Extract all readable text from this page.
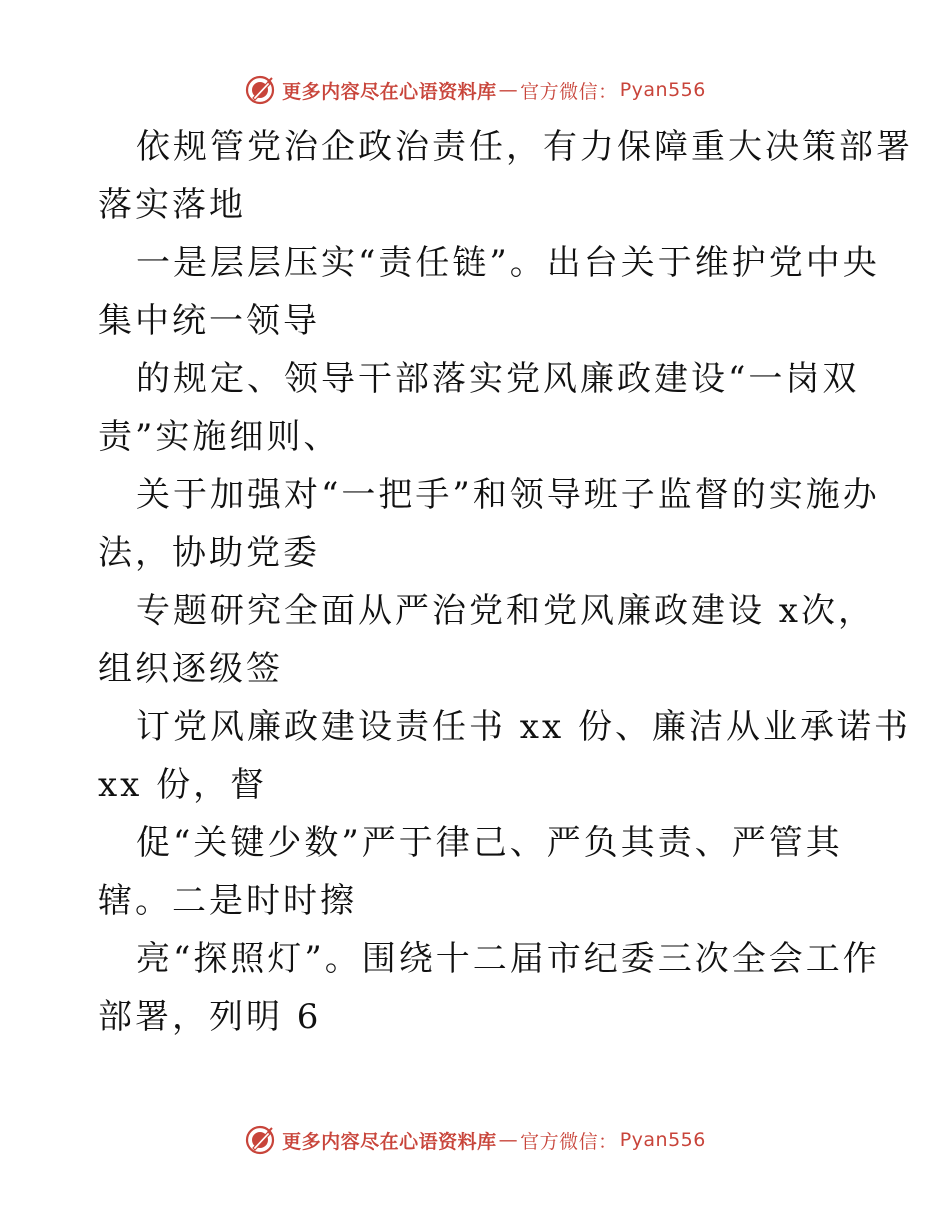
更多内容尽在心语资料库 — 官方微信： Pyan556

依规管党治企政治责任，有力保障重大决策部署

落实落地

一是层层压实“责任链”。出台关于维护党中央

集中统一领导

的规定、领导干部落实党风廉政建设“一岗双

责”实施细则、

关于加强对“一把手”和领导班子监督的实施办

法，协助党委

专题研究全面从严治党和党风廉政建设 x次，

组织逐级签

订党风廉政建设责任书 xx 份、廉洁从业承诺书

xx 份，督

促“关键少数”严于律己、严负其责、严管其

辖。二是时时擦

亮“探照灯”。围绕十二届市纪委三次全会工作

部署，列明 6

更多内容尽在心语资料库 — 官方微信： Pyan556
